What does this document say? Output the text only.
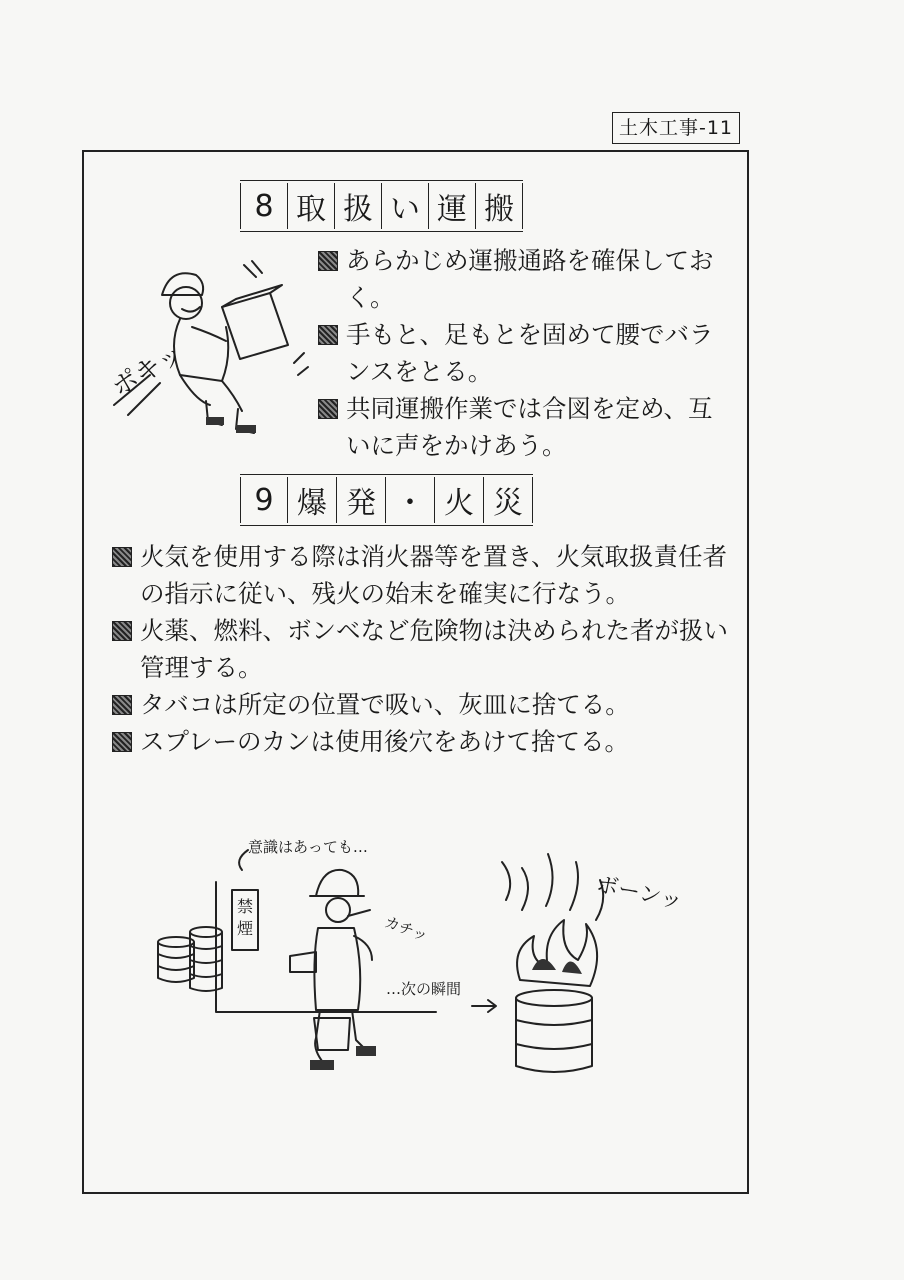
土木工事-11
8 取 扱 い 運 搬
あらかじめ運搬通路を確保しておく。
手もと、足もとを固めて腰でバランスをとる。
共同運搬作業では合図を定め、互いに声をかけあう。
ポキッ
9 爆 発 ・ 火 災
火気を使用する際は消火器等を置き、火気取扱責任者の指示に従い、残火の始末を確実に行なう。
火薬、燃料、ボンベなど危険物は決められた者が扱い管理する。
タバコは所定の位置で吸い、灰皿に捨てる。
スプレーのカンは使用後穴をあけて捨てる。
意識はあっても…
禁煙	カチッ
…次の瞬間
ボーンッ
